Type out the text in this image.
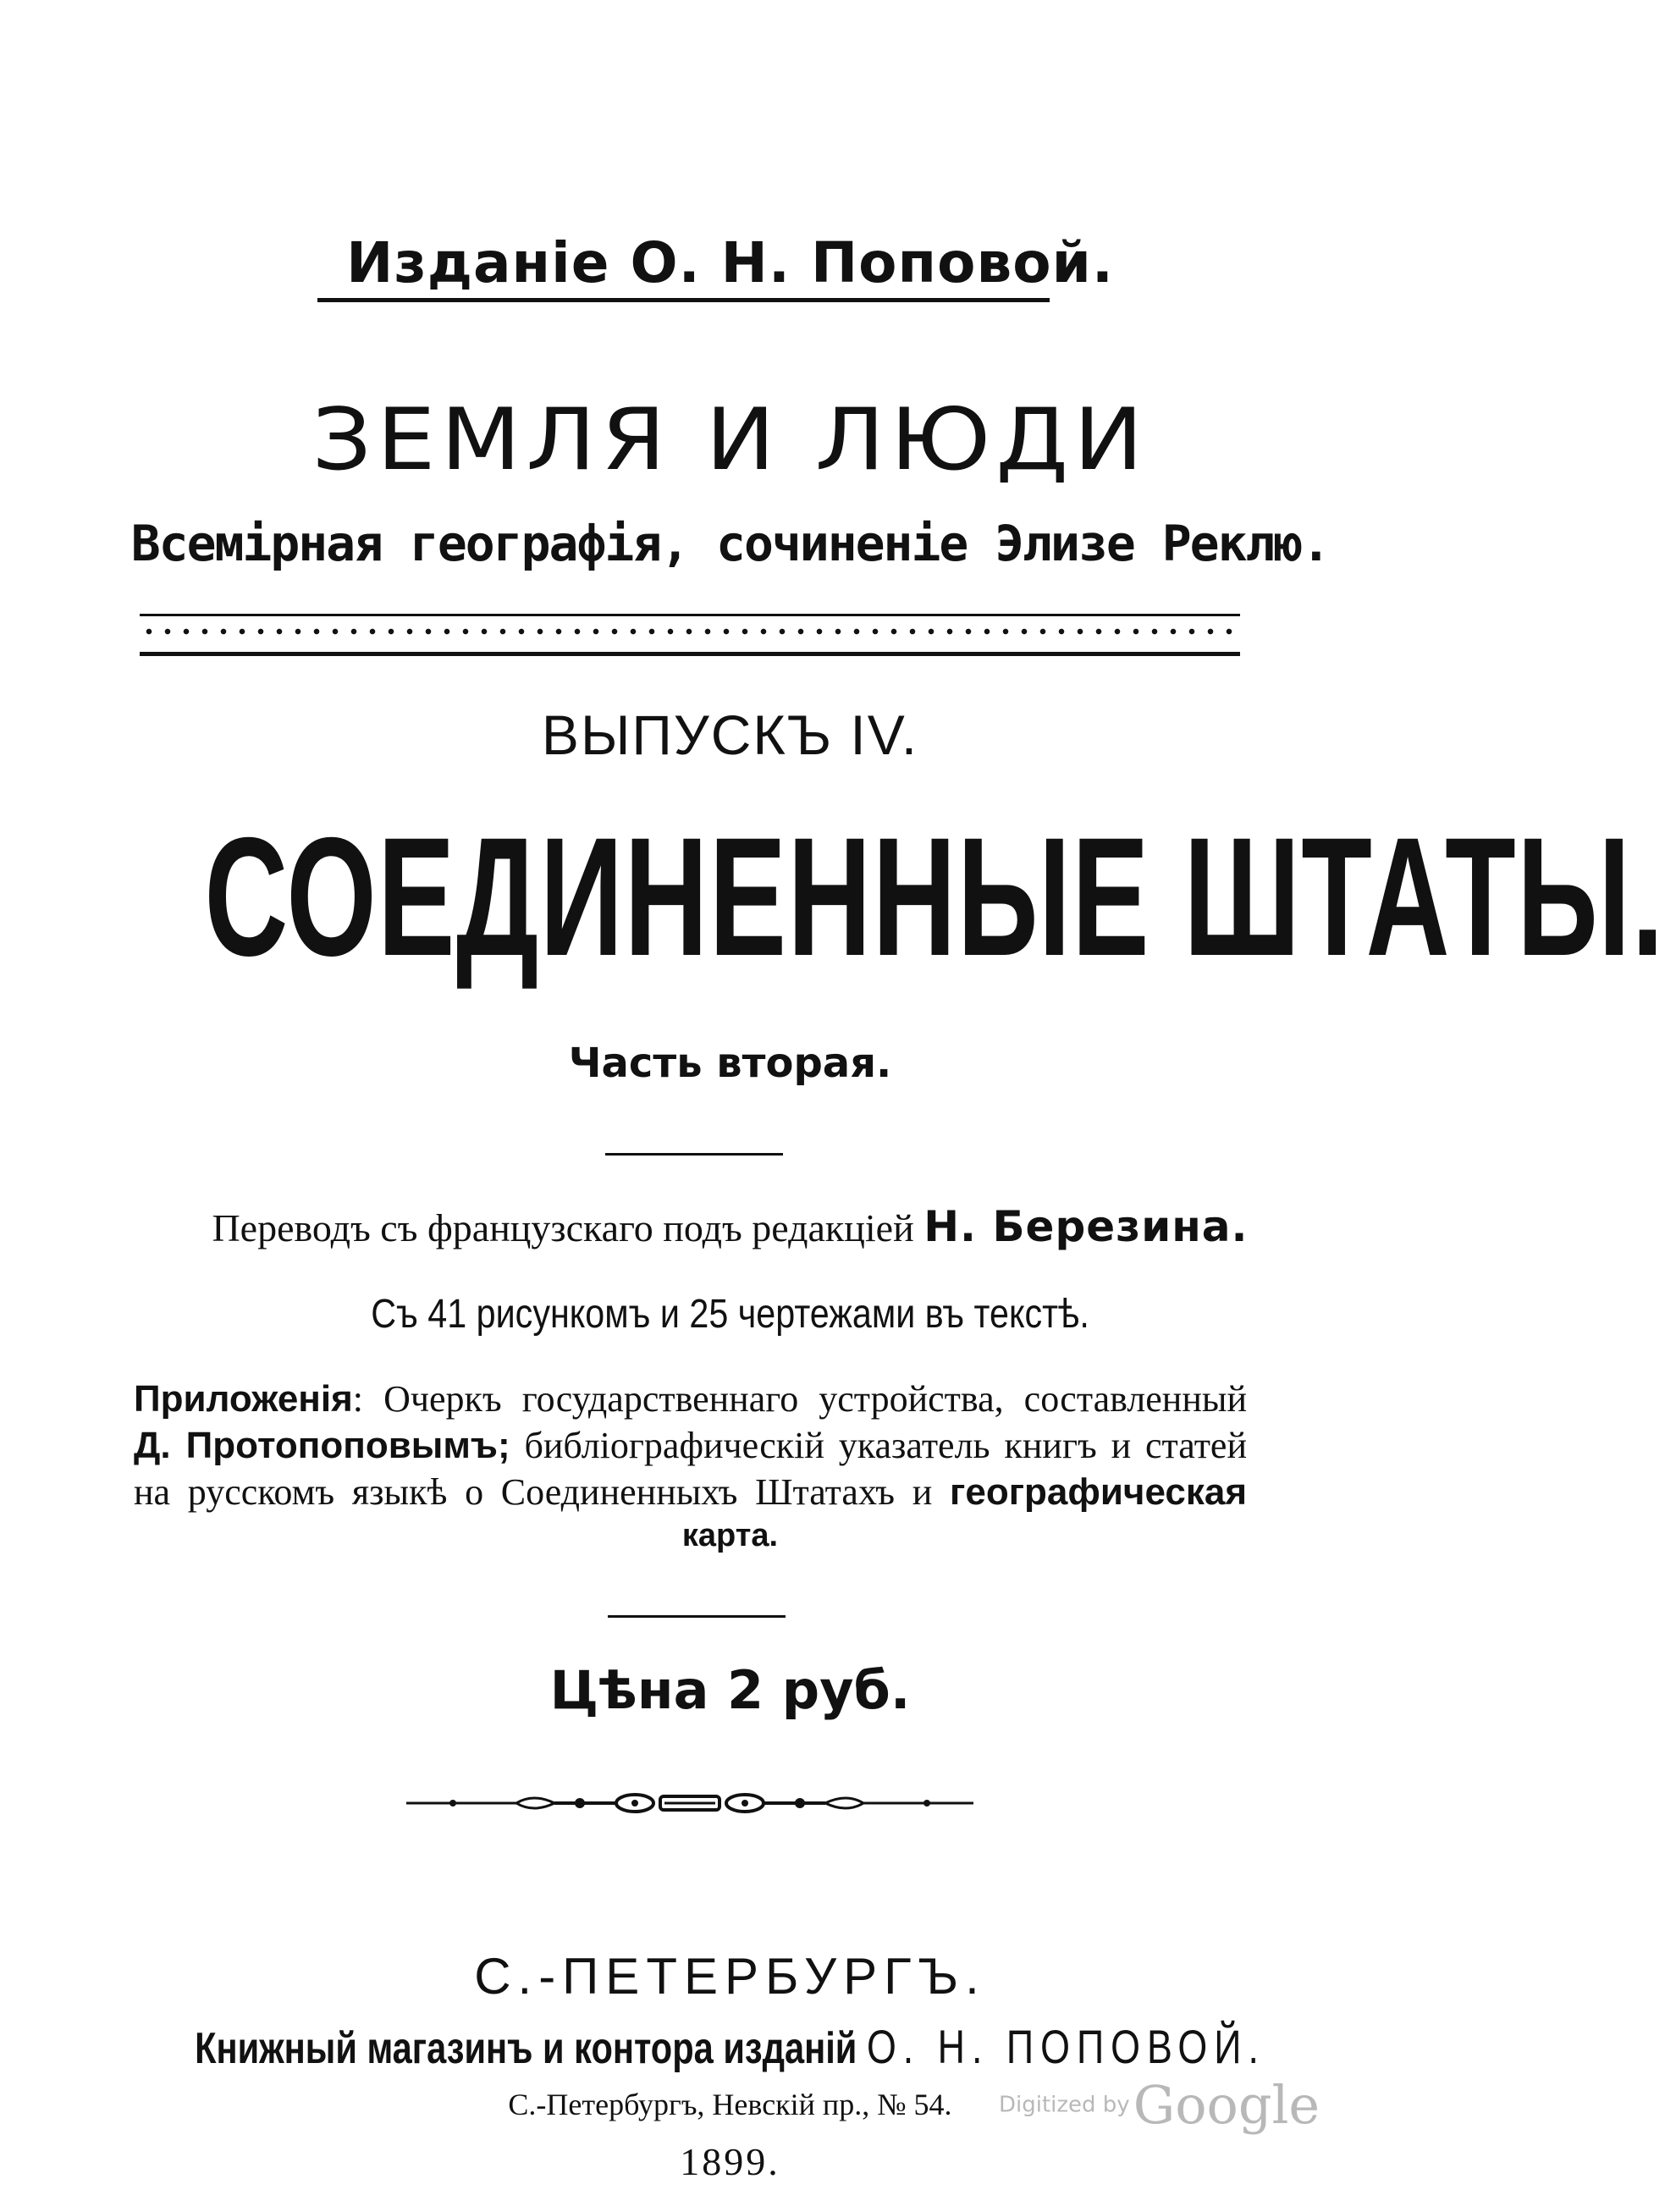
Изданіе О. Н. Поповой.
ЗЕМЛЯ И ЛЮДИ
Всемірная географія, сочиненіе Элизе Реклю.
ВЫПУСКЪ IV.
СОЕДИНЕННЫЕ ШТАТЫ.
Часть вторая.
Переводъ съ французскаго подъ редакціей Н. Березина.
Съ 41 рисункомъ и 25 чертежами въ текстѣ.
Приложенія: Очеркъ государственнаго устройства, составленный
Д. Протопоповымъ; библіографическій указатель книгъ и статей
на русскомъ языкѣ о Соединенныхъ Штатахъ и географическая
карта.
Цѣна 2 руб.
С.-ПЕТЕРБУРГЪ.
Книжный магазинъ и контора изданій О. Н. ПОПОВОЙ.
С.-Петербургъ, Невскій пр., № 54.
1899.
Digitized by Google
